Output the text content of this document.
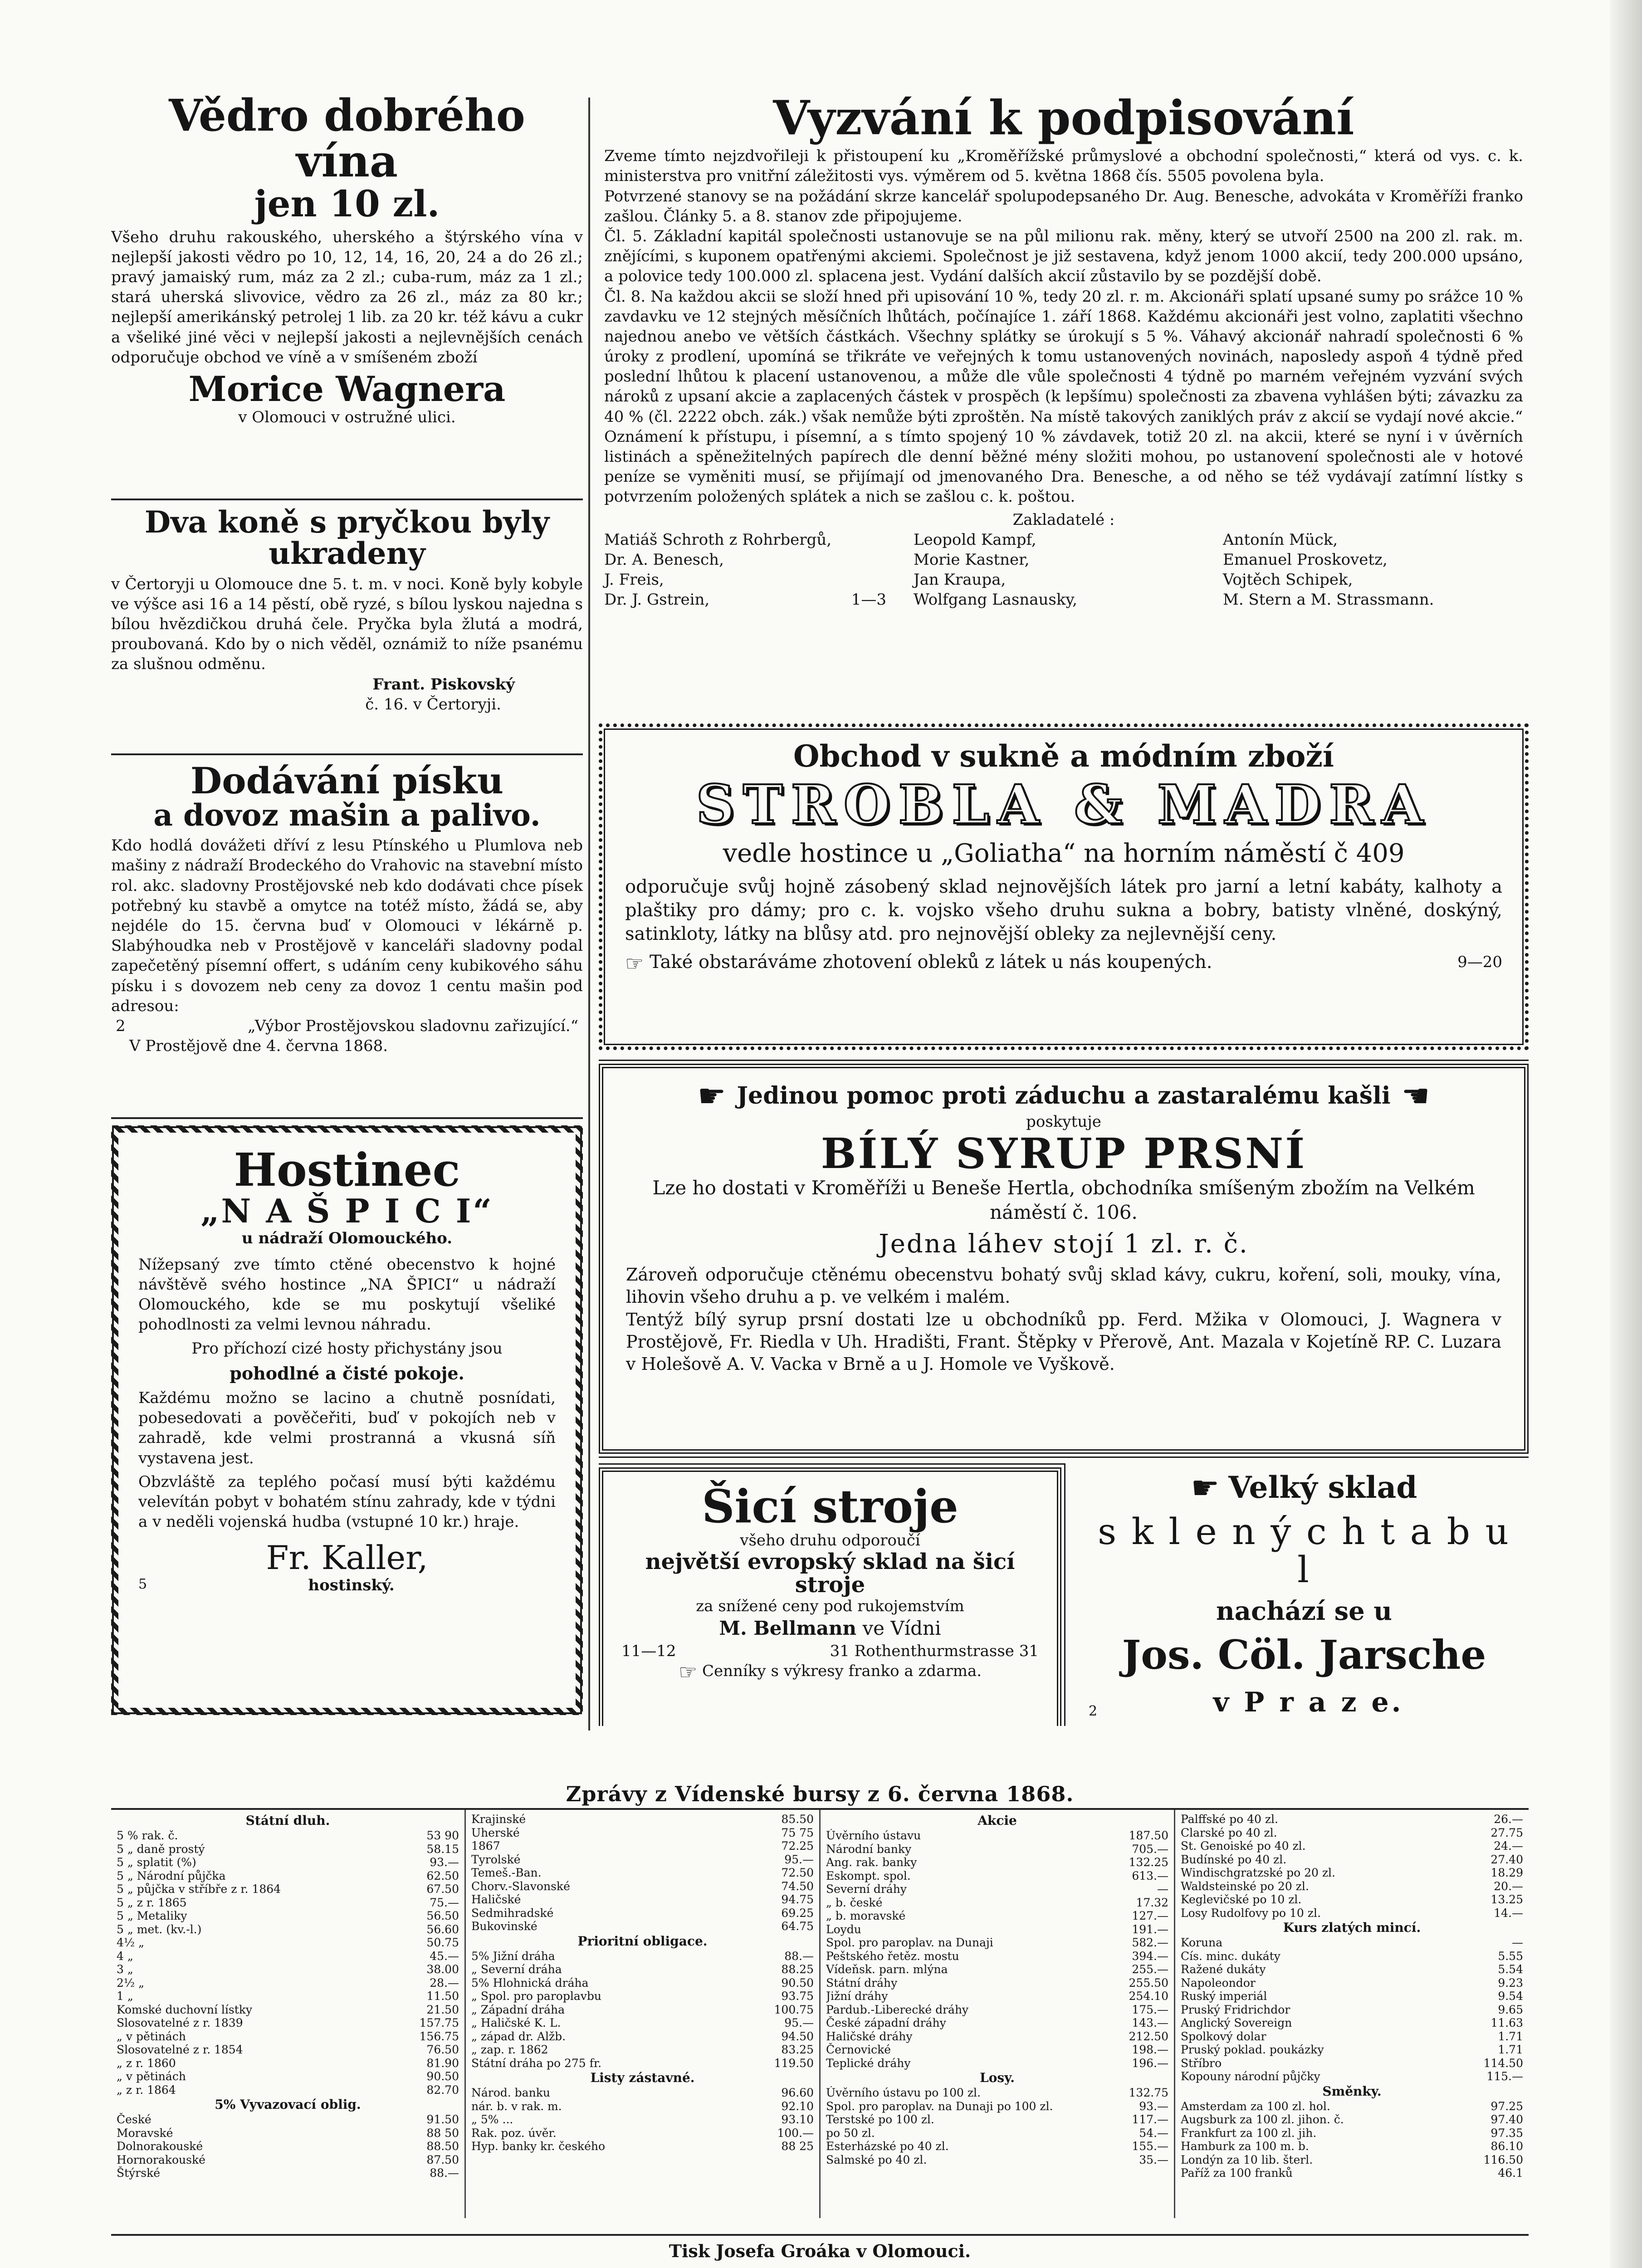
Vědro dobrého vína
jen 10 zl.

Všeho druhu rakouského, uherského a štýrského vína v nejlepší jakosti vědro po 10, 12, 14, 16, 20, 24 a do 26 zl.; pravý jamaiský rum, máz za 2 zl.; cuba-rum, máz za 1 zl.; stará uherská slivovice, vědro za 26 zl., máz za 80 kr.; nejlepší amerikánský petrolej 1 lib. za 20 kr. též kávu a cukr a všeliké jiné věci v nejlepší jakosti a nejlevnějších cenách odporučuje obchod ve víně a v smíšeném zboží

Morice Wagnera

v Olomouci v ostružné ulici.

Dva koně s pryčkou byly ukradeny

v Čertoryji u Olomouce dne 5. t. m. v noci. Koně byly kobyle ve výšce asi 16 a 14 pěstí, obě ryzé, s bílou lyskou najedna s bílou hvězdičkou druhá čele. Pryčka byla žlutá a modrá, proubovaná. Kdo by o nich věděl, oznámiž to níže psanému za slušnou odměnu.

Frant. Piskovský

č. 16. v Čertoryji.

Dodávání písku
a dovoz mašin a palivo.

Kdo hodlá dovážeti dříví z lesu Ptínského u Plumlova neb mašiny z nádraží Brodeckého do Vrahovic na stavební místo rol. akc. sladovny Prostějovské neb kdo dodávati chce písek potřebný ku stavbě a omytce na totéž místo, žádá se, aby nejdéle do 15. června buď v Olomouci v lékárně p. Slabýhoudka neb v Prostějově v kanceláři sladovny podal zapečetěný písemní offert, s udáním ceny kubikového sáhu písku i s dovozem neb ceny za dovoz 1 centu mašin pod adresou:

2	„Výbor Prostějovskou sladovnu zařizující.“

V Prostějově dne 4. června 1868.

Hostinec
„N A Š P I C I“

u nádraží Olomouckého.

Nížepsaný zve tímto ctěné obecenstvo k hojné návštěvě svého hostince „NA ŠPICI“ u nádraží Olomouckého, kde se mu poskytují všeliké pohodlnosti za velmi levnou náhradu.

Pro příchozí cizé hosty přichystány jsou

pohodlné a čisté pokoje.

Každému možno se lacino a chutně posnídati, pobesedovati a pověčeřiti, buď v pokojích neb v zahradě, kde velmi prostranná a vkusná síň vystavena jest.

Obzvláště za teplého počasí musí býti každému velevítán pobyt v bohatém stínu zahrady, kde v týdni a v neděli vojenská hudba (vstupné 10 kr.) hraje.

Fr. Kaller,

5	hostinský.

Vyzvání k podpisování

Zveme tímto nejzdvořileji k přistoupení ku „Kroměřížské průmyslové a obchodní společnosti,“ která od vys. c. k. ministerstva pro vnitřní záležitosti vys. výměrem od 5. května 1868 čís. 5505 povolena byla.

Potvrzené stanovy se na požádání skrze kancelář spolupodepsaného Dr. Aug. Benesche, advokáta v Kroměříži franko zašlou. Články 5. a 8. stanov zde připojujeme.

Čl. 5. Základní kapitál společnosti ustanovuje se na půl milionu rak. měny, který se utvoří 2500 na 200 zl. rak. m. znějícími, s kuponem opatřenými akciemi. Společnost je již sestavena, když jenom 1000 akcií, tedy 200.000 upsáno, a polovice tedy 100.000 zl. splacena jest. Vydání dalších akcií zůstavilo by se pozdější době.

Čl. 8. Na každou akcii se složí hned při upisování 10 %, tedy 20 zl. r. m. Akcionáři splatí upsané sumy po srážce 10 % zavdavku ve 12 stejných měsíčních lhůtách, počínajíce 1. září 1868. Každému akcionáři jest volno, zaplatiti všechno najednou anebo ve větších částkách. Všechny splátky se úrokují s 5 %. Váhavý akcionář nahradí společnosti 6 % úroky z prodlení, upomíná se třikráte ve veřejných k tomu ustanovených novinách, naposledy aspoň 4 týdně před poslední lhůtou k placení ustanovenou, a může dle vůle společnosti 4 týdně po marném veřejném vyzvání svých nároků z upsaní akcie a zaplacených částek v prospěch (k lepšímu) společnosti za zbavena vyhlášen býti; závazku za 40 % (čl. 2222 obch. zák.) však nemůže býti zproštěn. Na místě takových zaniklých práv z akcií se vydají nové akcie.“

Oznámení k přístupu, i písemní, a s tímto spojený 10 % závdavek, totiž 20 zl. na akcii, které se nyní i v úvěrních listinách a spěnežitelných papírech dle denní běžné mény složiti mohou, po ustanovení společnosti ale v hotové peníze se vyměniti musí, se přijímají od jmenovaného Dra. Benesche, a od něho se též vydávají zatímní lístky s potvrzením položených splátek a nich se zašlou c. k. poštou.

Zakladatelé :

Matiáš Schroth z Rohrbergů,

Dr. A. Benesch,

J. Freis,

Dr. J. Gstrein,	1—3

Leopold Kampf,

Morie Kastner,

Jan Kraupa,

Wolfgang Lasnausky,

Antonín Mück,

Emanuel Proskovetz,

Vojtěch Schipek,

M. Stern a M. Strassmann.

Obchod v sukně a módním zboží
STROBLA & MADRA

vedle hostince u „Goliatha“ na horním náměstí č 409

odporučuje svůj hojně zásobený sklad nejnovějších látek pro jarní a letní kabáty, kalhoty a plaštiky pro dámy; pro c. k. vojsko všeho druhu sukna a bobry, batisty vlněné, doskýný, satinkloty, látky na blůsy atd. pro nejnovější obleky za nejlevnější ceny.

☞ Také obstaráváme zhotovení obleků z látek u nás koupených.	9—20

☛ Jedinou pomoc proti záduchu a zastaralému kašli ☚

poskytuje

BÍLÝ SYRUP PRSNÍ

Lze ho dostati v Kroměříži u Beneše Hertla, obchodníka smíšeným zbožím na Velkém náměstí č. 106.

Jedna láhev stojí 1 zl. r. č.

Zároveň odporučuje ctěnému obecenstvu bohatý svůj sklad kávy, cukru, koření, soli, mouky, vína, lihovin všeho druhu a p. ve velkém i malém.

Tentýž bílý syrup prsní dostati lze u obchodníků pp. Ferd. Mžika v Olomouci, J. Wagnera v Prostějově, Fr. Riedla v Uh. Hradišti, Frant. Štěpky v Přerově, Ant. Mazala v Kojetíně RP. C. Luzara v Holešově A. V. Vacka v Brně a u J. Homole ve Vyškově.

Šicí stroje

všeho druhu odporoučí

největší evropský sklad na šicí stroje

za snížené ceny pod rukojemstvím

M. Bellmann ve Vídni

11—12	31 Rothenthurmstrasse 31

☞ Cenníky s výkresy franko a zdarma.

☛ Velký sklad
s k l e n ý c h t a b u l
nachází se u
Jos. Cöl. Jarsche

2	v P r a z e.

Zprávy z Vídenské bursy z 6. června 1868.
Státní dluh.
5 % rak. č.	53 90
5 „ daně prostý	58.15
5 „ splatit (%)	93.—
5 „ Národní půjčka	62.50
5 „ půjčka v stříbře z r. 1864	67.50
5 „ z r. 1865	75.—
5 „ Metaliky	56.50
5 „ met. (kv.-l.)	56.60
4½ „	50.75
4 „	45.—
3 „	38.00
2½ „	28.—
1 „	11.50
Komské duchovní lístky	21.50
Slosovatelné z r. 1839	157.75
„ v pětinách	156.75
Slosovatelné z r. 1854	76.50
„ z r. 1860	81.90
„ v pětinách	90.50
„ z r. 1864	82.70
5% Vyvazovací oblig.
České	91.50
Moravské	88 50
Dolnorakouské	88.50
Hornorakouské	87.50
Štýrské	88.—
Krajinské	85.50
Uherské	75 75
1867	72.25
Tyrolské	95.—
Temeš.-Ban.	72.50
Chorv.-Slavonské	74.50
Haličské	94.75
Sedmihradské	69.25
Bukovinské	64.75
Prioritní obligace.
5% Jižní dráha	88.—
„ Severní dráha	88.25
5% Hlohnická dráha	90.50
„ Spol. pro paroplavbu	93.75
„ Západní dráha	100.75
„ Haličské K. L.	95.—
„ západ dr. Alžb.	94.50
„ zap. r. 1862	83.25
Státní dráha po 275 fr.	119.50
Listy zástavné.
Národ. banku	96.60
nár. b. v rak. m.	92.10
„ 5% ...	93.10
Rak. poz. úvěr.	100.—
Hyp. banky kr. českého	88 25
Akcie
Úvěrního ústavu	187.50
Národní banky	705.—
Ang. rak. banky	132.25
Eskompt. spol.	613.—
Severní dráhy	—
„ b. české	17.32
„ b. moravské	127.—
Loydu	191.—
Spol. pro paroplav. na Dunaji	582.—
Peštského řetěz. mostu	394.—
Vídeňsk. parn. mlýna	255.—
Státní dráhy	255.50
Jižní dráhy	254.10
Pardub.-Liberecké dráhy	175.—
České západní dráhy	143.—
Haličské dráhy	212.50
Černovické	198.—
Teplické dráhy	196.—
Losy.
Úvěrního ústavu po 100 zl.	132.75
Spol. pro paroplav. na Dunaji po 100 zl.	93.—
Terstské po 100 zl.	117.—
po 50 zl.	54.—
Esterházské po 40 zl.	155.—
Salmské po 40 zl.	35.—
Palffské po 40 zl.	26.—
Clarské po 40 zl.	27.75
St. Genoiské po 40 zl.	24.—
Budínské po 40 zl.	27.40
Windischgratzské po 20 zl.	18.29
Waldsteinské po 20 zl.	20.—
Keglevičské po 10 zl.	13.25
Losy Rudolfovy po 10 zl.	14.—
Kurs zlatých mincí.
Koruna	—
Cís. minc. dukáty	5.55
Ražené dukáty	5.54
Napoleondor	9.23
Ruský imperiál	9.54
Pruský Fridrichdor	9.65
Anglický Sovereign	11.63
Spolkový dolar	1.71
Pruský poklad. poukázky	1.71
Stříbro	114.50
Kopouny národní půjčky	115.—
Směnky.
Amsterdam za 100 zl. hol.	97.25
Augsburk za 100 zl. jihon. č.	97.40
Frankfurt za 100 zl. jih.	97.35
Hamburk za 100 m. b.	86.10
Londýn za 10 lib. šterl.	116.50
Paříž za 100 franků	46.1
Tisk Josefa Groáka v Olomouci.
